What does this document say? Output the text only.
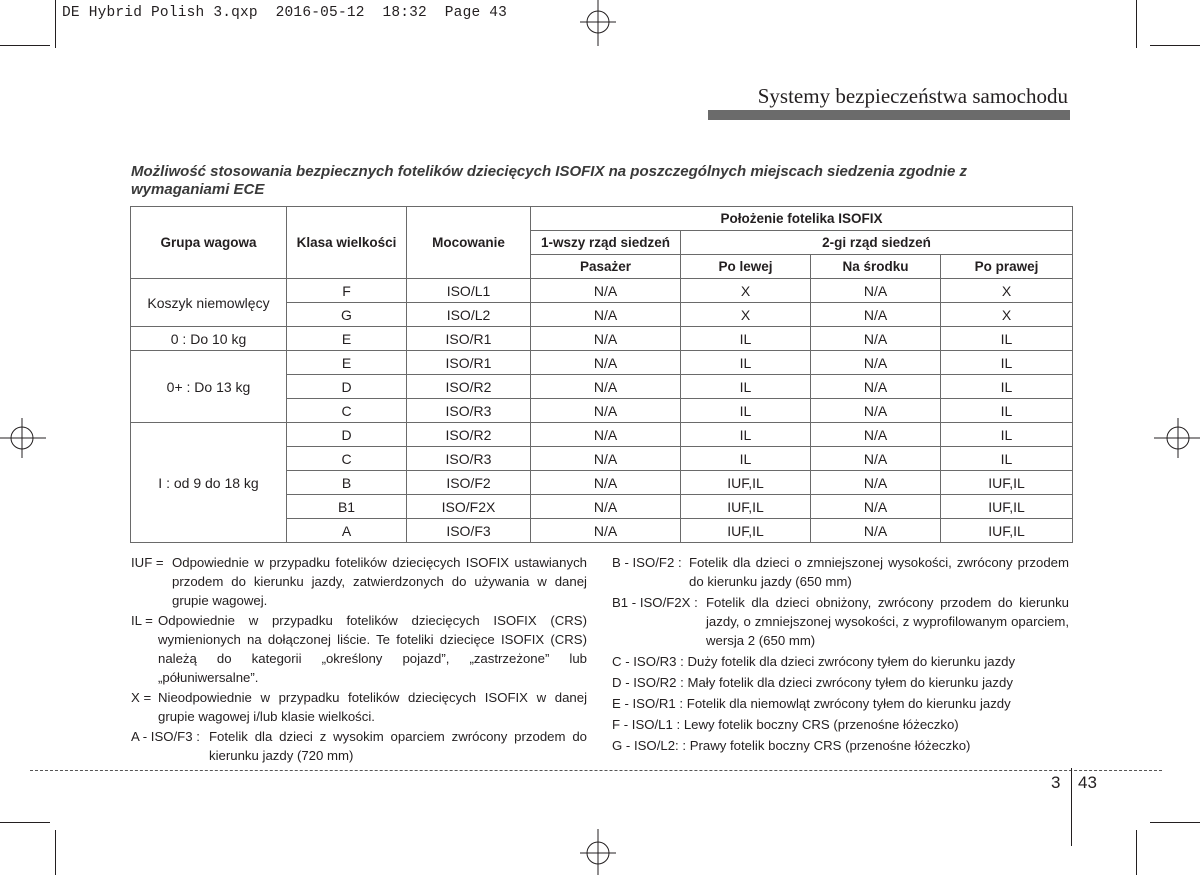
DE Hybrid Polish 3.qxp  2016-05-12  18:32  Page 43
Systemy bezpieczeństwa samochodu
Możliwość stosowania bezpiecznych fotelików dziecięcych ISOFIX na poszczególnych miejscach siedzenia zgodnie z wymaganiami ECE
Grupa wagowa	Klasa wielkości	Mocowanie	Położenie fotelika ISOFIX			
			1-wszy rząd siedzeń	2-gi rząd siedzeń		
			Pasażer	Po lewej	Na środku	Po prawej
Koszyk niemowlęcy	F	ISO/L1	N/A	X	N/A	X
	G	ISO/L2	N/A	X	N/A	X
0 : Do 10 kg	E	ISO/R1	N/A	IL	N/A	IL
0+ : Do 13 kg	E	ISO/R1	N/A	IL	N/A	IL
	D	ISO/R2	N/A	IL	N/A	IL
	C	ISO/R3	N/A	IL	N/A	IL
I : od 9 do 18 kg	D	ISO/R2	N/A	IL	N/A	IL
	C	ISO/R3	N/A	IL	N/A	IL
	B	ISO/F2	N/A	IUF,IL	N/A	IUF,IL
	B1	ISO/F2X	N/A	IUF,IL	N/A	IUF,IL
	A	ISO/F3	N/A	IUF,IL	N/A	IUF,IL
IUF = Odpowiednie w przypadku fotelików dziecięcych ISOFIX ustawianych przodem do kierunku jazdy, zatwierdzonych do używania w danej grupie wagowej.
IL = Odpowiednie w przypadku fotelików dziecięcych ISOFIX (CRS) wymienionych na dołączonej liście. Te foteliki dziecięce ISOFIX (CRS) należą do kategorii „określony pojazd”, „zastrzeżone” lub „półuniwersalne”.
X = Nieodpowiednie w przypadku fotelików dziecięcych ISOFIX w danej grupie wagowej i/lub klasie wielkości.
A - ISO/F3 : Fotelik dla dzieci z wysokim oparciem zwrócony przodem do kierunku jazdy (720 mm)
B - ISO/F2 : Fotelik dla dzieci o zmniejszonej wysokości, zwrócony przodem do kierunku jazdy (650 mm)
B1 - ISO/F2X : Fotelik dla dzieci obniżony, zwrócony przodem do kierunku jazdy, o zmniejszonej wysokości, z wyprofilowanym oparciem, wersja 2 (650 mm)
C - ISO/R3 : Duży fotelik dla dzieci zwrócony tyłem do kierunku jazdy
D - ISO/R2 : Mały fotelik dla dzieci zwrócony tyłem do kierunku jazdy
E - ISO/R1 : Fotelik dla niemowląt zwrócony tyłem do kierunku jazdy
F - ISO/L1 : Lewy fotelik boczny CRS (przenośne łóżeczko)
G - ISO/L2: : Prawy fotelik boczny CRS (przenośne łóżeczko)
3 43
